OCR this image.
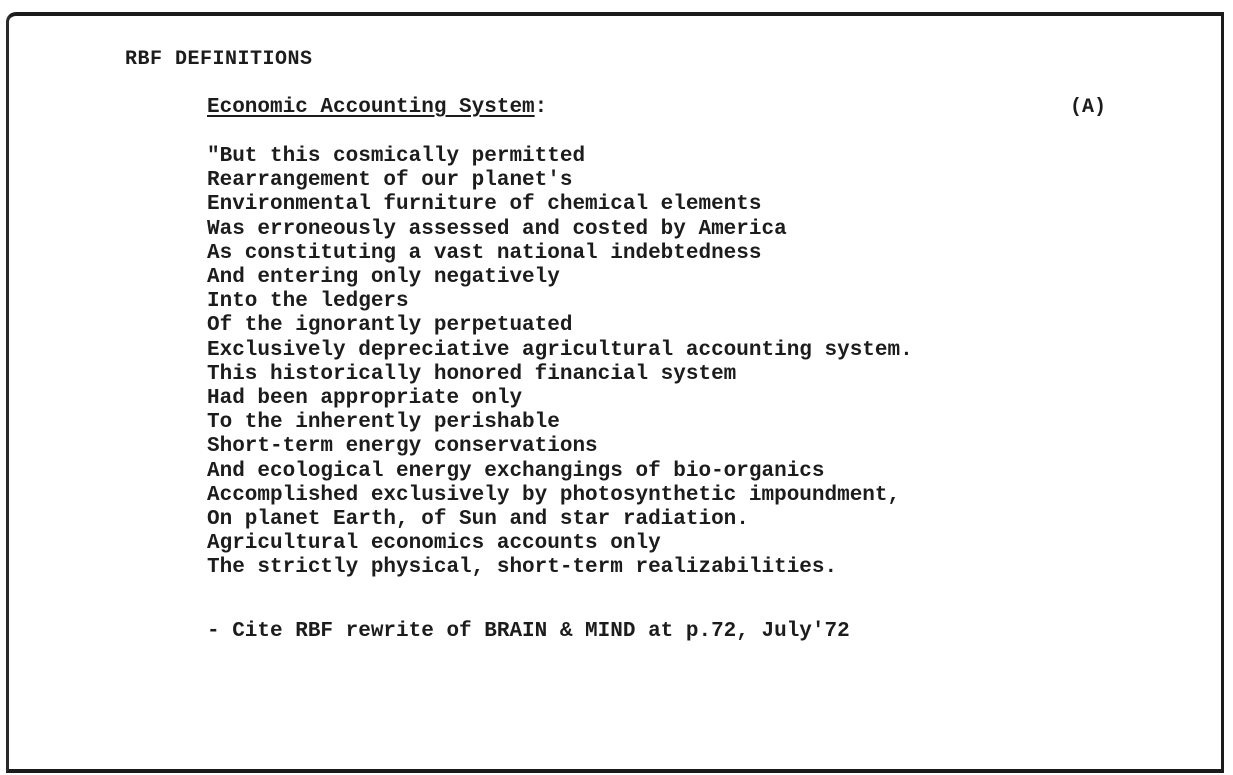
RBF DEFINITIONS
Economic Accounting System:	(A)
"But this cosmically permitted
Rearrangement of our planet's
Environmental furniture of chemical elements
Was erroneously assessed and costed by America
As constituting a vast national indebtedness
And entering only negatively
Into the ledgers
Of the ignorantly perpetuated
Exclusively depreciative agricultural accounting system.
This historically honored financial system
Had been appropriate only
To the inherently perishable
Short-term energy conservations
And ecological energy exchangings of bio-organics
Accomplished exclusively by photosynthetic impoundment,
On planet Earth, of Sun and star radiation.
Agricultural economics accounts only
The strictly physical, short-term realizabilities.
- Cite RBF rewrite of BRAIN & MIND at p.72, July'72
